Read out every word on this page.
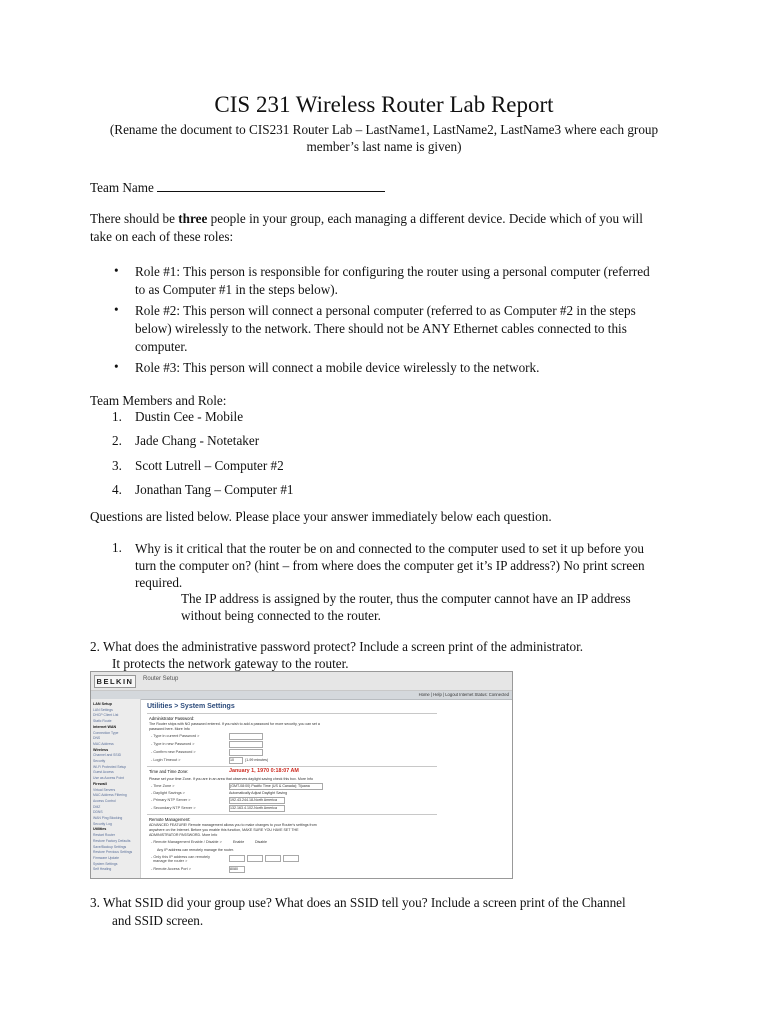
CIS 231 Wireless Router Lab Report
(Rename the document to CIS231 Router Lab – LastName1, LastName2, LastName3 where each group
member’s last name is given)
Team Name
There should be three people in your group, each managing a different device. Decide which of you will
take on each of these roles:
• Role #1: This person is responsible for configuring the router using a personal computer (referred
to as Computer #1 in the steps below).
• Role #2: This person will connect a personal computer (referred to as Computer #2 in the steps
below) wirelessly to the network. There should not be ANY Ethernet cables connected to this
computer.
• Role #3: This person will connect a mobile device wirelessly to the network.
Team Members and Role:
1. Dustin Cee - Mobile
2. Jade Chang - Notetaker
3. Scott Lutrell – Computer #2
4. Jonathan Tang – Computer #1
Questions are listed below. Please place your answer immediately below each question.
1. Why is it critical that the router be on and connected to the computer used to set it up before you
turn the computer on? (hint – from where does the computer get it’s IP address?) No print screen
required.
The IP address is assigned by the router, thus the computer cannot have an IP address
without being connected to the router.
2. What does the administrative password protect? Include a screen print of the administrator.
It protects the network gateway to the router.
BELKIN	Router Setup
Home | Help | Logout Internet Status: Connected
LAN Setup
LAN Settings
DHCP Client List
Static Route
Internet WAN
Connection Type
DNS
MAC Address
Wireless
Channel and SSID
Security
Wi-Fi Protected Setup
Guest Access
Use as Access Point
Firewall
Virtual Servers
MAC Address Filtering
Access Control
DMZ
DDNS
WAN Ping Blocking
Security Log
Utilities
Restart Router
Restore Factory Defaults
Save/Backup Settings
Restore Previous Settings
Firmware Update
System Settings
Self Healing
Utilities > System Settings
Administrator Password:
The Router ships with NO password entered. If you wish to add a password for more security, you can set a
password here. More Info
- Type in current Password >
- Type in new Password >
- Confirm new Password >
- Login Timeout >	10	(1-99 minutes)
Time and Time Zone:	January 1, 1970 0:18:07 AM
Please set your time Zone. If you are in an area that observes daylight saving check this box. More Info
- Time Zone >	(GMT-08:00) Pacific Time (US & Canada); Tijuana
- Daylight Savings >	Automatically Adjust Daylight Saving
- Primary NTP Server >	192.43.244.18-North America
- Secondary NTP Server >	132.163.4.102-North America
Remote Management:
ADVANCED FEATURE! Remote management allows you to make changes to your Router's settings from
anywhere on the Internet. Before you enable this function, MAKE SURE YOU HAVE SET THE
ADMINISTRATOR PASSWORD. More Info
- Remote Management Enable / Disable >	Enable	Disable
Any IP address can remotely manage the router.
- Only this IP address can remotely
manage the router >
- Remote Access Port >	8080
3. What SSID did your group use? What does an SSID tell you? Include a screen print of the Channel
and SSID screen.
